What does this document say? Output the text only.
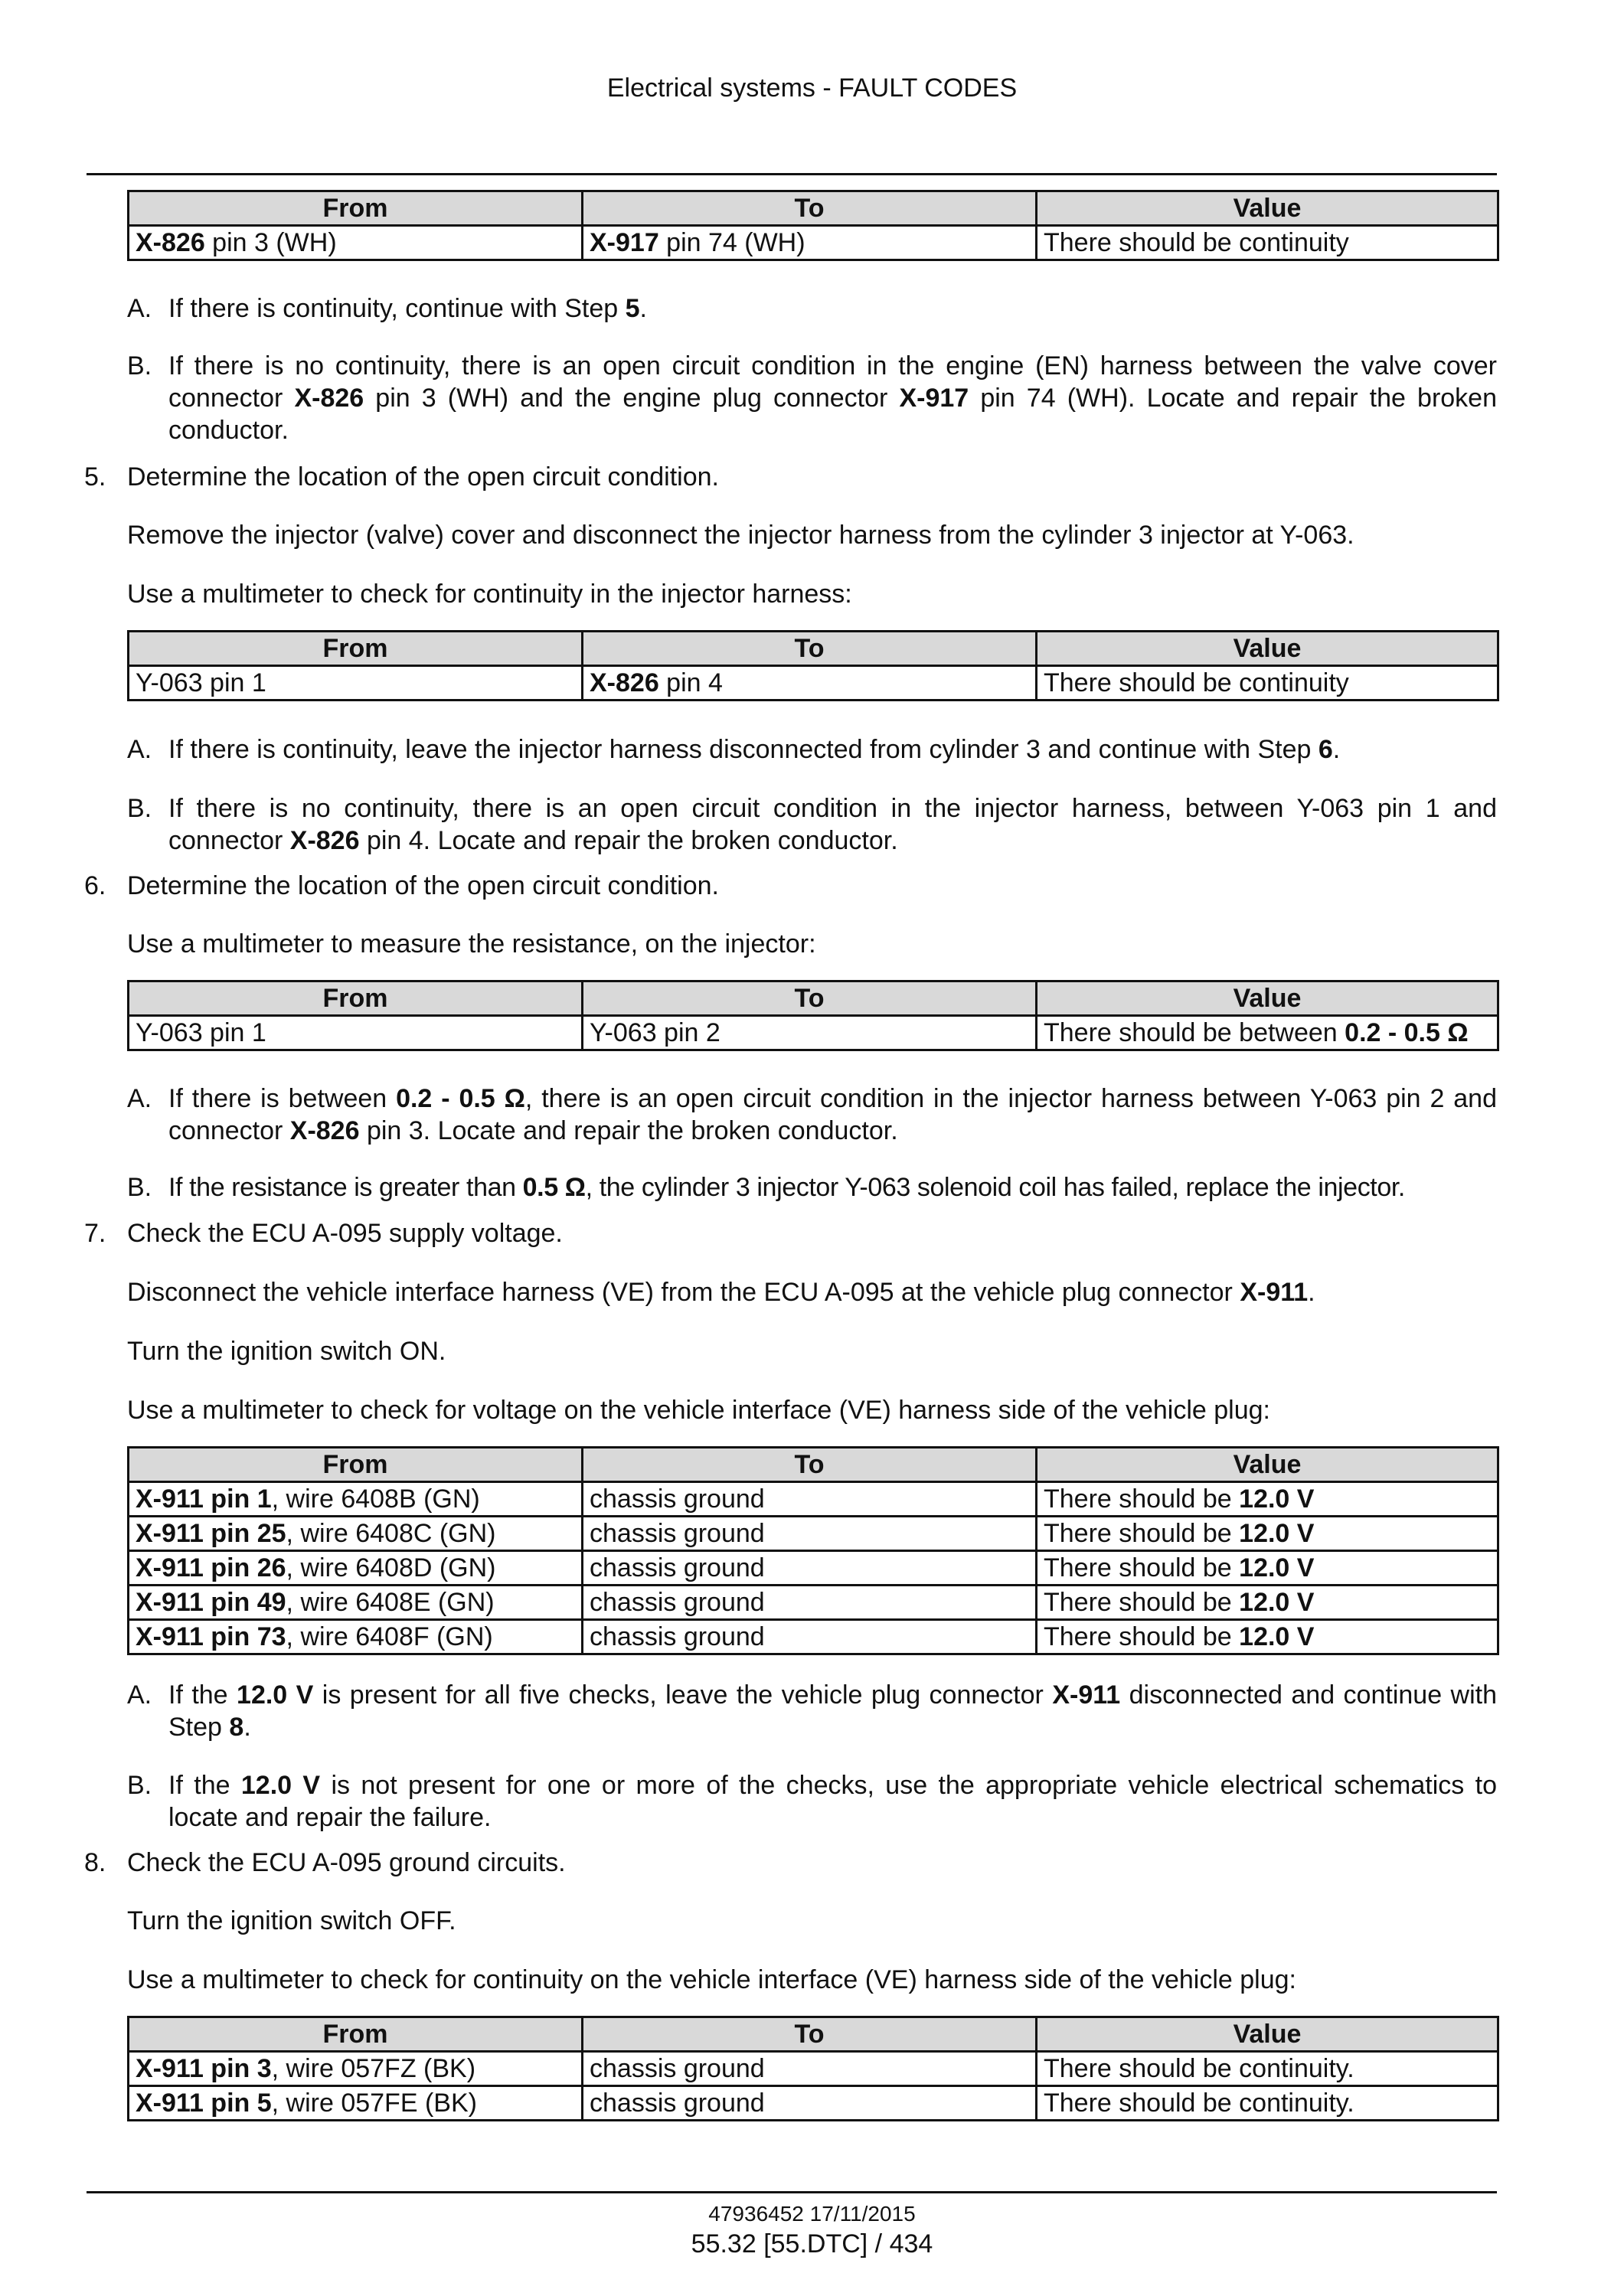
Electrical systems - FAULT CODES
From	To	Value
X-826 pin 3 (WH)	X-917 pin 74 (WH)	There should be continuity
A. If there is continuity, continue with Step 5.
B. If there is no continuity, there is an open circuit condition in the engine (EN) harness between the valve cover connector X-826 pin 3 (WH) and the engine plug connector X-917 pin 74 (WH). Locate and repair the broken conductor.
5. Determine the location of the open circuit condition.
Remove the injector (valve) cover and disconnect the injector harness from the cylinder 3 injector at Y-063.
Use a multimeter to check for continuity in the injector harness:
From	To	Value
Y-063 pin 1	X-826 pin 4	There should be continuity
A. If there is continuity, leave the injector harness disconnected from cylinder 3 and continue with Step 6.
B. If there is no continuity, there is an open circuit condition in the injector harness, between Y-063 pin 1 and connector X-826 pin 4. Locate and repair the broken conductor.
6. Determine the location of the open circuit condition.
Use a multimeter to measure the resistance, on the injector:
From	To	Value
Y-063 pin 1	Y-063 pin 2	There should be between 0.2 - 0.5 Ω
A. If there is between 0.2 - 0.5 Ω, there is an open circuit condition in the injector harness between Y-063 pin 2 and connector X-826 pin 3. Locate and repair the broken conductor.
B. If the resistance is greater than 0.5 Ω, the cylinder 3 injector Y-063 solenoid coil has failed, replace the injector.
7. Check the ECU A-095 supply voltage.
Disconnect the vehicle interface harness (VE) from the ECU A-095 at the vehicle plug connector X-911.
Turn the ignition switch ON.
Use a multimeter to check for voltage on the vehicle interface (VE) harness side of the vehicle plug:
From	To	Value
X-911 pin 1, wire 6408B (GN)	chassis ground	There should be 12.0 V
X-911 pin 25, wire 6408C (GN)	chassis ground	There should be 12.0 V
X-911 pin 26, wire 6408D (GN)	chassis ground	There should be 12.0 V
X-911 pin 49, wire 6408E (GN)	chassis ground	There should be 12.0 V
X-911 pin 73, wire 6408F (GN)	chassis ground	There should be 12.0 V
A. If the 12.0 V is present for all five checks, leave the vehicle plug connector X-911 disconnected and continue with Step 8.
B. If the 12.0 V is not present for one or more of the checks, use the appropriate vehicle electrical schematics to locate and repair the failure.
8. Check the ECU A-095 ground circuits.
Turn the ignition switch OFF.
Use a multimeter to check for continuity on the vehicle interface (VE) harness side of the vehicle plug:
From	To	Value
X-911 pin 3, wire 057FZ (BK)	chassis ground	There should be continuity.
X-911 pin 5, wire 057FE (BK)	chassis ground	There should be continuity.
47936452 17/11/2015
55.32 [55.DTC] / 434
